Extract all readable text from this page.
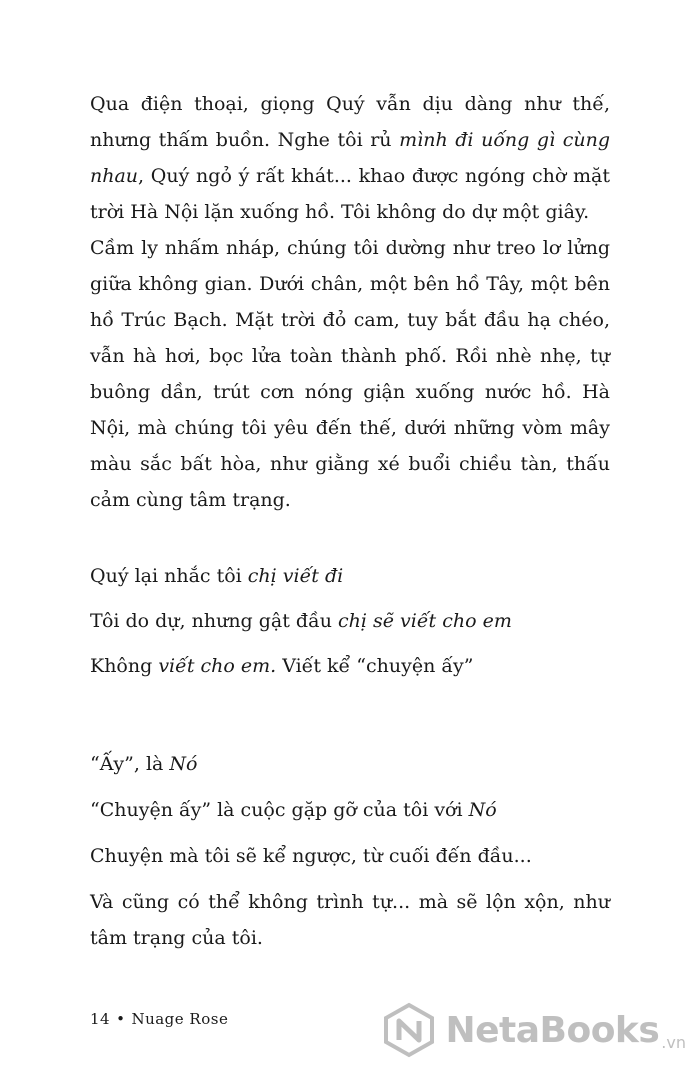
Qua điện thoại, giọng Quý vẫn dịu dàng như thế, nhưng thấm buồn. Nghe tôi rủ mình đi uống gì cùng nhau, Quý ngỏ ý rất khát... khao được ngóng chờ mặt trời Hà Nội lặn xuống hồ. Tôi không do dự một giây.

Cầm ly nhấm nháp, chúng tôi dường như treo lơ lửng giữa không gian. Dưới chân, một bên hồ Tây, một bên hồ Trúc Bạch. Mặt trời đỏ cam, tuy bắt đầu hạ chéo, vẫn hà hơi, bọc lửa toàn thành phố. Rồi nhè nhẹ, tự buông dần, trút cơn nóng giận xuống nước hồ. Hà Nội, mà chúng tôi yêu đến thế, dưới những vòm mây màu sắc bất hòa, như giằng xé buổi chiều tàn, thấu cảm cùng tâm trạng.

Quý lại nhắc tôi chị viết đi

Tôi do dự, nhưng gật đầu chị sẽ viết cho em

Không viết cho em. Viết kể “chuyện ấy”

“Ấy”, là Nó

“Chuyện ấy” là cuộc gặp gỡ của tôi với Nó

Chuyện mà tôi sẽ kể ngược, từ cuối đến đầu...

Và cũng có thể không trình tự... mà sẽ lộn xộn, như tâm trạng của tôi.

14 • Nuage Rose	NetaBooks .vn
